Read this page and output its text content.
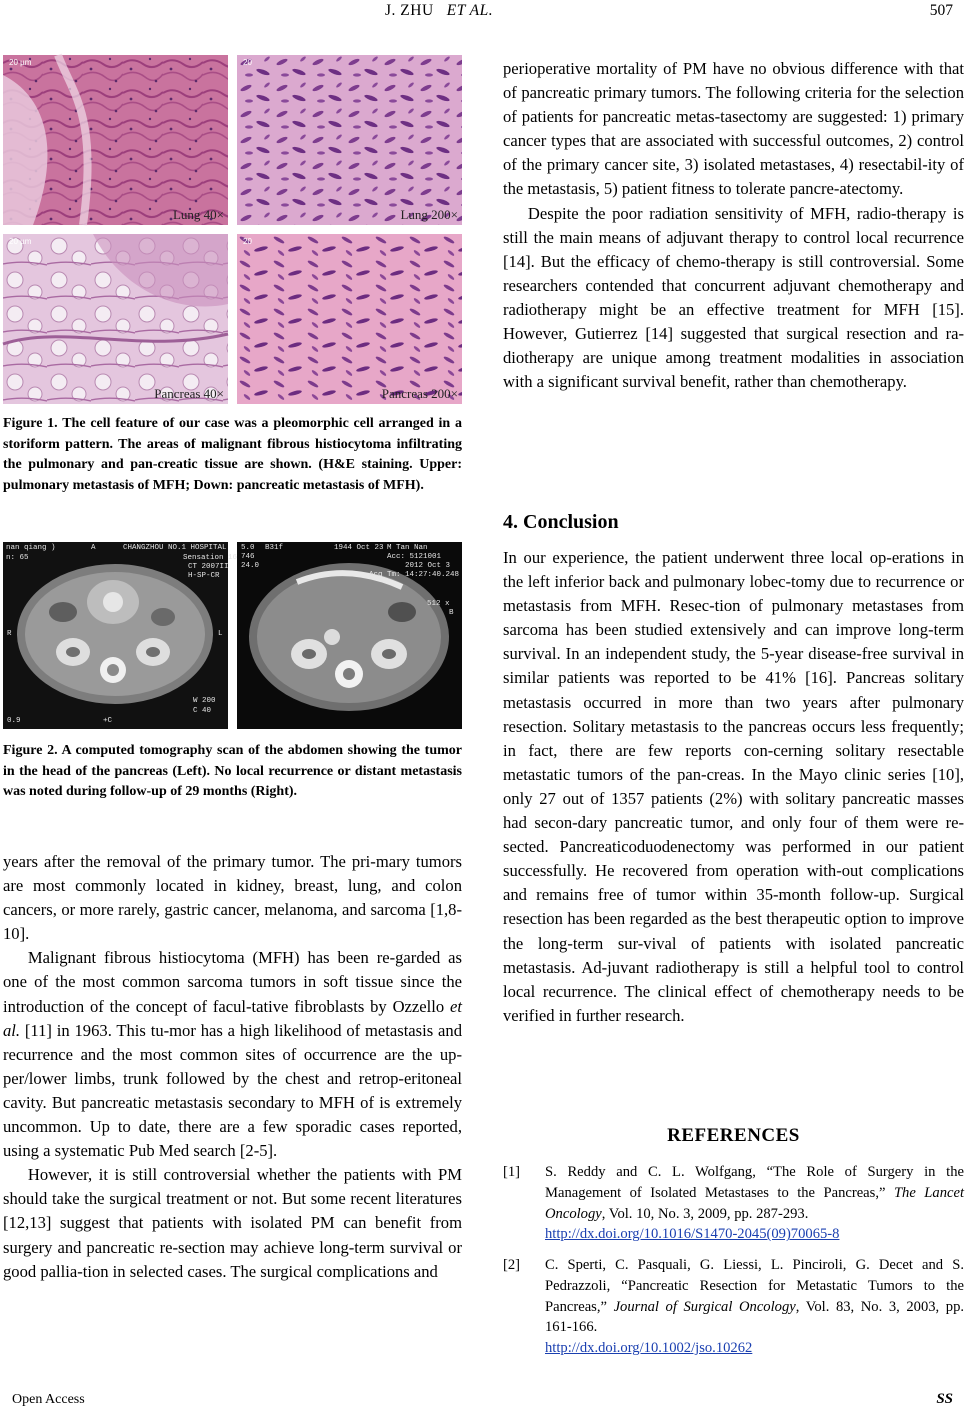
J. ZHU ET AL.	507
20 µm
Lung 40×
20
Lung 200×
20 µm
Pancreas 40×
20
Pancreas 200×

Figure 1. The cell feature of our case was a pleomorphic cell arranged in a storiform pattern. The areas of malignant fibrous histiocytoma infiltrating the pulmonary and pan-creatic tissue are shown. (H&E staining. Upper: pulmonary metastasis of MFH; Down: pancreatic metastasis of MFH).

nan qiang )	A	CHANGZHOU NO.1 HOSPITAL
n: 65	Sensation 16
CT 2007II
H-SP-CR
R	L
W 200
C 40
0.9	+C
5.0 B31f	1944 Oct 23 M Tan Nan
Acc: 5121001
2012 Oct 3
Acq Tm: 14:27:40.248
746
24.0
512 x
B

Figure 2. A computed tomography scan of the abdomen showing the tumor in the head of the pancreas (Left). No local recurrence or distant metastasis was noted during follow-up of 29 months (Right).

years after the removal of the primary tumor. The pri-mary tumors are most commonly located in kidney, breast, lung, and colon cancers, or more rarely, gastric cancer, melanoma, and sarcoma [1,8-10].

Malignant fibrous histiocytoma (MFH) has been re-garded as one of the most common sarcoma tumors in soft tissue since the introduction of the concept of facul-tative fibroblasts by Ozzello et al. [11] in 1963. This tu-mor has a high likelihood of metastasis and recurrence and the most common sites of occurrence are the up-per/lower limbs, trunk followed by the chest and retrop-eritoneal cavity. But pancreatic metastasis secondary to MFH of is extremely uncommon. Up to date, there are a few sporadic cases reported, using a systematic Pub Med search [2-5].

However, it is still controversial whether the patients with PM should take the surgical treatment or not. But some recent literatures [12,13] suggest that patients with isolated PM can benefit from surgery and pancreatic re-section may achieve long-term survival or good pallia-tion in selected cases. The surgical complications and

perioperative mortality of PM have no obvious difference with that of pancreatic primary tumors. The following criteria for the selection of patients for pancreatic metas-tasectomy are suggested: 1) primary cancer types that are associated with successful outcomes, 2) control of the primary cancer site, 3) isolated metastases, 4) resectabil-ity of the metastasis, 5) patient fitness to tolerate pancre-atectomy.

Despite the poor radiation sensitivity of MFH, radio-therapy is still the main means of adjuvant therapy to control local recurrence [14]. But the efficacy of chemo-therapy is still controversial. Some researchers contended that concurrent adjuvant chemotherapy and radiotherapy might be an effective treatment for MFH [15]. However, Gutierrez [14] suggested that surgical resection and ra-diotherapy are unique among treatment modalities in association with a significant survival benefit, rather than chemotherapy.

4. Conclusion

In our experience, the patient underwent three local op-erations in the left inferior back and pulmonary lobec-tomy due to recurrence or metastasis from MFH. Resec-tion of pulmonary metastases from sarcoma has been studied extensively and can improve long-term survival. In an independent study, the 5-year disease-free survival in similar patients was reported to be 41% [16]. Pancreas solitary metastasis occurred in more than two years after pulmonary resection. Solitary metastasis to the pancreas occurs less frequently; in fact, there are few reports con-cerning solitary resectable metastatic tumors of the pan-creas. In the Mayo clinic series [10], only 27 out of 1357 patients (2%) with solitary pancreatic masses had secon-dary pancreatic tumor, and only four of them were re-sected. Pancreaticoduodenectomy was performed in our patient successfully. He recovered from operation with-out complications and remains free of tumor within 35-month follow-up. Surgical resection has been regarded as the best therapeutic option to improve the long-term sur-vival of patients with isolated pancreatic metastasis. Ad-juvant radiotherapy is still a helpful tool to control local recurrence. The clinical effect of chemotherapy needs to be verified in further research.

REFERENCES
[1] S. Reddy and C. L. Wolfgang, “The Role of Surgery in the Management of Isolated Metastases to the Pancreas,” The Lancet Oncology, Vol. 10, No. 3, 2009, pp. 287-293.
http://dx.doi.org/10.1016/S1470-2045(09)70065-8
[2] C. Sperti, C. Pasquali, G. Liessi, L. Pinciroli, G. Decet and S. Pedrazzoli, “Pancreatic Resection for Metastatic Tumors to the Pancreas,” Journal of Surgical Oncology, Vol. 83, No. 3, 2003, pp. 161-166.
http://dx.doi.org/10.1002/jso.10262
Open Access	SS
